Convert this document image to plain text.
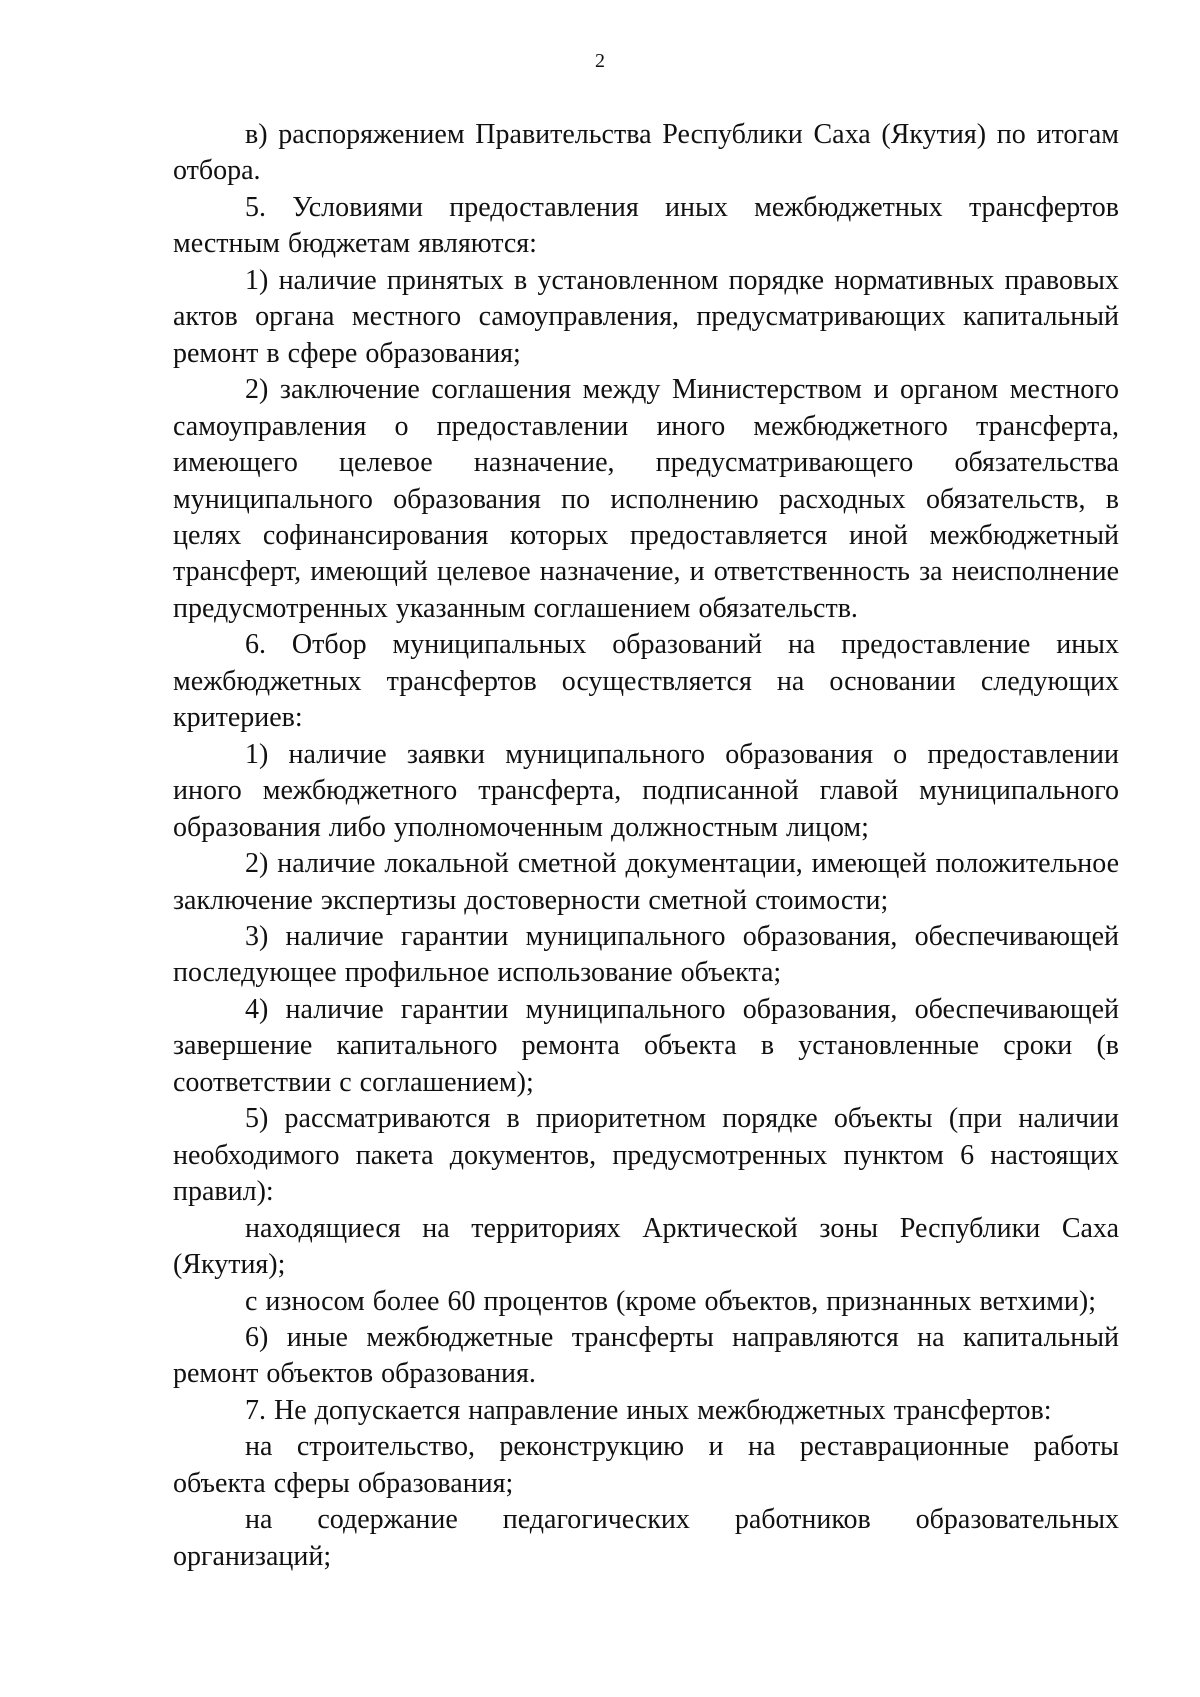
2

в) распоряжением Правительства Республики Саха (Якутия) по итогам отбора.

5. Условиями предоставления иных межбюджетных трансфертов местным бюджетам являются:

1) наличие принятых в установленном порядке нормативных правовых актов органа местного самоуправления, предусматривающих капитальный ремонт в сфере образования;

2) заключение соглашения между Министерством и органом местного самоуправления о предоставлении иного межбюджетного трансферта, имеющего целевое назначение, предусматривающего обязательства муниципального образования по исполнению расходных обязательств, в целях софинансирования которых предоставляется иной межбюджетный трансферт, имеющий целевое назначение, и ответственность за неисполнение предусмотренных указанным соглашением обязательств.

6. Отбор муниципальных образований на предоставление иных межбюджетных трансфертов осуществляется на основании следующих критериев:

1) наличие заявки муниципального образования о предоставлении иного межбюджетного трансферта, подписанной главой муниципального образования либо уполномоченным должностным лицом;

2) наличие локальной сметной документации, имеющей положительное заключение экспертизы достоверности сметной стоимости;

3) наличие гарантии муниципального образования, обеспечивающей последующее профильное использование объекта;

4) наличие гарантии муниципального образования, обеспечивающей завершение капитального ремонта объекта в установленные сроки (в соответствии с соглашением);

5) рассматриваются в приоритетном порядке объекты (при наличии необходимого пакета документов, предусмотренных пунктом 6 настоящих правил):

находящиеся на территориях Арктической зоны Республики Саха (Якутия);

с износом более 60 процентов (кроме объектов, признанных ветхими);

6) иные межбюджетные трансферты направляются на капитальный ремонт объектов образования.

7. Не допускается направление иных межбюджетных трансфертов:

на строительство, реконструкцию и на реставрационные работы объекта сферы образования;

на содержание педагогических работников образовательных организаций;
